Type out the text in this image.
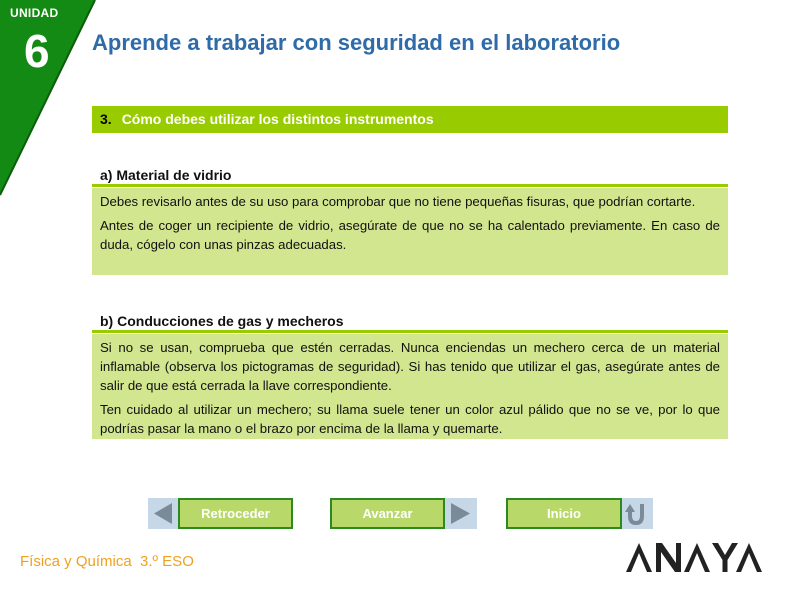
UNIDAD
6 Aprende a trabajar con seguridad en el laboratorio
3. Cómo debes utilizar los distintos instrumentos
a) Material de vidrio

Debes revisarlo antes de su uso para comprobar que no tiene pequeñas fisuras, que podrían cortarte.

Antes de coger un recipiente de vidrio, asegúrate de que no se ha calentado previamente. En caso de duda, cógelo con unas pinzas adecuadas.

b) Conducciones de gas y mecheros

Si no se usan, comprueba que estén cerradas. Nunca enciendas un mechero cerca de un material inflamable (observa los pictogramas de seguridad). Si has tenido que utilizar el gas, asegúrate antes de salir de que está cerrada la llave correspondiente.

Ten cuidado al utilizar un mechero; su llama suele tener un color azul pálido que no se ve, por lo que podrías pasar la mano o el brazo por encima de la llama y quemarte.

Retroceder	Avanzar	Inicio
Física y Química  3.º ESO
